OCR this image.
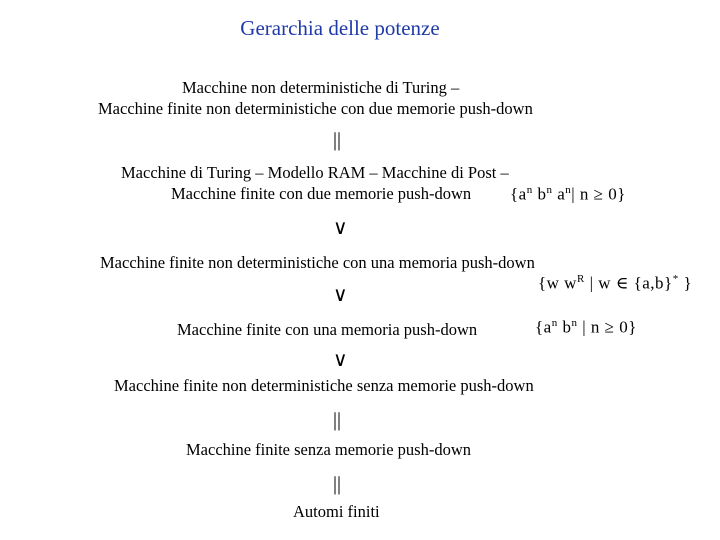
Gerarchia delle potenze
Macchine non deterministiche di Turing –
Macchine finite non deterministiche con due memorie push-down
||
Macchine di Turing – Modello RAM – Macchine di Post –
Macchine finite con due memorie push-down {$a^n$ $b^n$ $a^n|$ n ≥ 0}
∨
Macchine finite non deterministiche con una memoria push-down
{w $w^R$ | w ∈ {a,b}* }
∨
Macchine finite con una memoria push-down	{$a^n$ $b^n$ | n ≥ 0}
∨
Macchine finite non deterministiche senza memorie push-down
||
Macchine finite senza memorie push-down
||
Automi finiti
